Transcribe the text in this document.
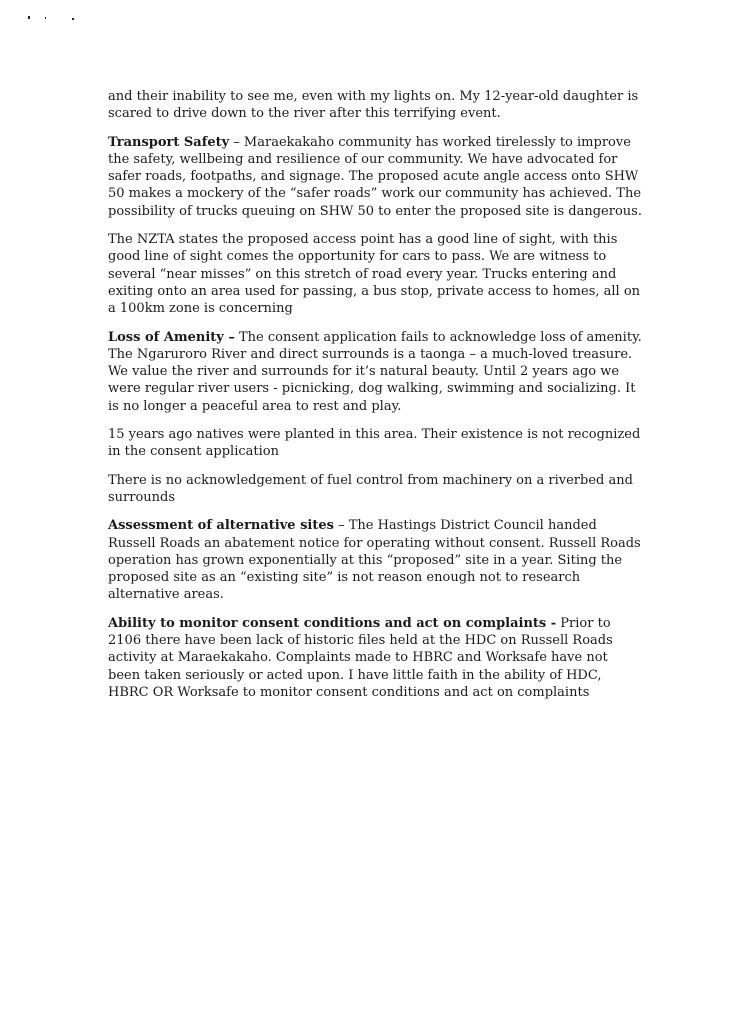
and their inability to see me, even with my lights on. My 12-year-old daughter is scared to drive down to the river after this terrifying event.

Transport Safety – Maraekakaho community has worked tirelessly to improve the safety, wellbeing and resilience of our community. We have advocated for safer roads, footpaths, and signage. The proposed acute angle access onto SHW 50 makes a mockery of the “safer roads” work our community has achieved. The possibility of trucks queuing on SHW 50 to enter the proposed site is dangerous.

The NZTA states the proposed access point has a good line of sight, with this good line of sight comes the opportunity for cars to pass. We are witness to several “near misses” on this stretch of road every year. Trucks entering and exiting onto an area used for passing, a bus stop, private access to homes, all on a 100km zone is concerning

Loss of Amenity – The consent application fails to acknowledge loss of amenity. The Ngaruroro River and direct surrounds is a taonga – a much-loved treasure. We value the river and surrounds for it’s natural beauty. Until 2 years ago we were regular river users - picnicking, dog walking, swimming and socializing. It is no longer a peaceful area to rest and play.

15 years ago natives were planted in this area. Their existence is not recognized in the consent application

There is no acknowledgement of fuel control from machinery on a riverbed and surrounds

Assessment of alternative sites – The Hastings District Council handed Russell Roads an abatement notice for operating without consent. Russell Roads operation has grown exponentially at this “proposed” site in a year. Siting the proposed site as an “existing site” is not reason enough not to research alternative areas.

Ability to monitor consent conditions and act on complaints - Prior to 2106 there have been lack of historic files held at the HDC on Russell Roads activity at Maraekakaho. Complaints made to HBRC and Worksafe have not been taken seriously or acted upon. I have little faith in the ability of HDC, HBRC OR Worksafe to monitor consent conditions and act on complaints
